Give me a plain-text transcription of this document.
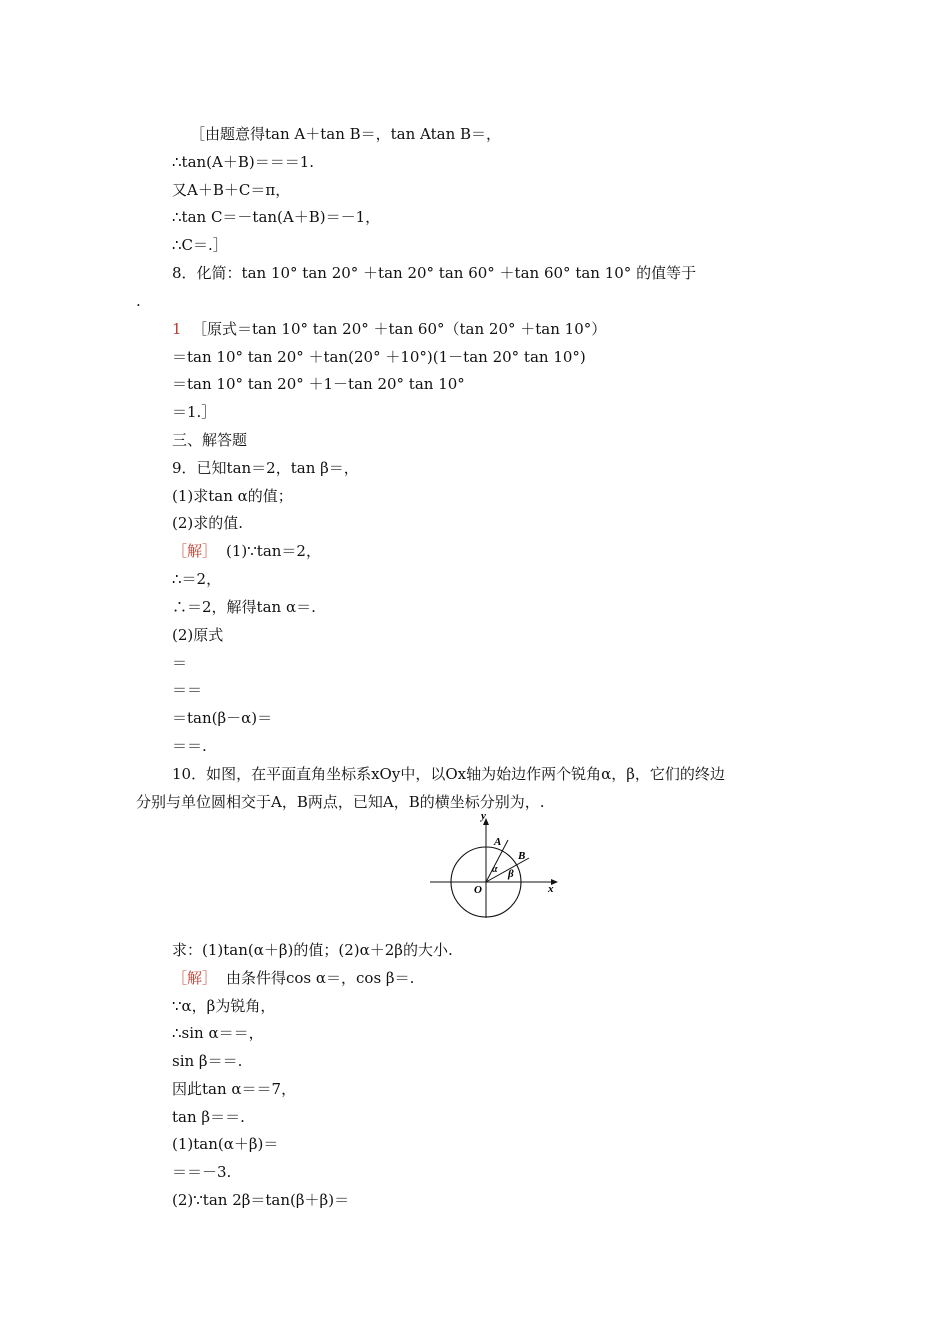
［由题意得tan A＋tan B＝，tan Atan B＝，
∴tan(A＋B)＝＝＝1.
又A＋B＋C＝π，
∴tan C＝－tan(A＋B)＝－1，
∴C＝.］
8．化简：tan 10° tan 20° ＋tan 20° tan 60° ＋tan 60° tan 10° 的值等于
.
1 ［原式＝tan 10° tan 20° ＋tan 60°（tan 20° ＋tan 10°）
＝tan 10° tan 20° ＋tan(20° ＋10°)(1－tan 20° tan 10°)
＝tan 10° tan 20° ＋1－tan 20° tan 10°
＝1.］
三、解答题
9．已知tan＝2，tan β＝，
(1)求tan α的值；
(2)求的值.
［解］ (1)∵tan＝2，
∴＝2，
∴＝2，解得tan α＝.
(2)原式
＝
＝＝
＝tan(β－α)＝
＝＝.
10．如图，在平面直角坐标系xOy中，以Ox轴为始边作两个锐角α，β，它们的终边
分别与单位圆相交于A，B两点，已知A，B的横坐标分别为，.
y
x
O
A
B
α β
求：(1)tan(α＋β)的值；(2)α＋2β的大小.
［解］ 由条件得cos α＝，cos β＝.
∵α，β为锐角，
∴sin α＝＝，
sin β＝＝.
因此tan α＝＝7，
tan β＝＝.
(1)tan(α＋β)＝
＝＝－3.
(2)∵tan 2β＝tan(β＋β)＝
